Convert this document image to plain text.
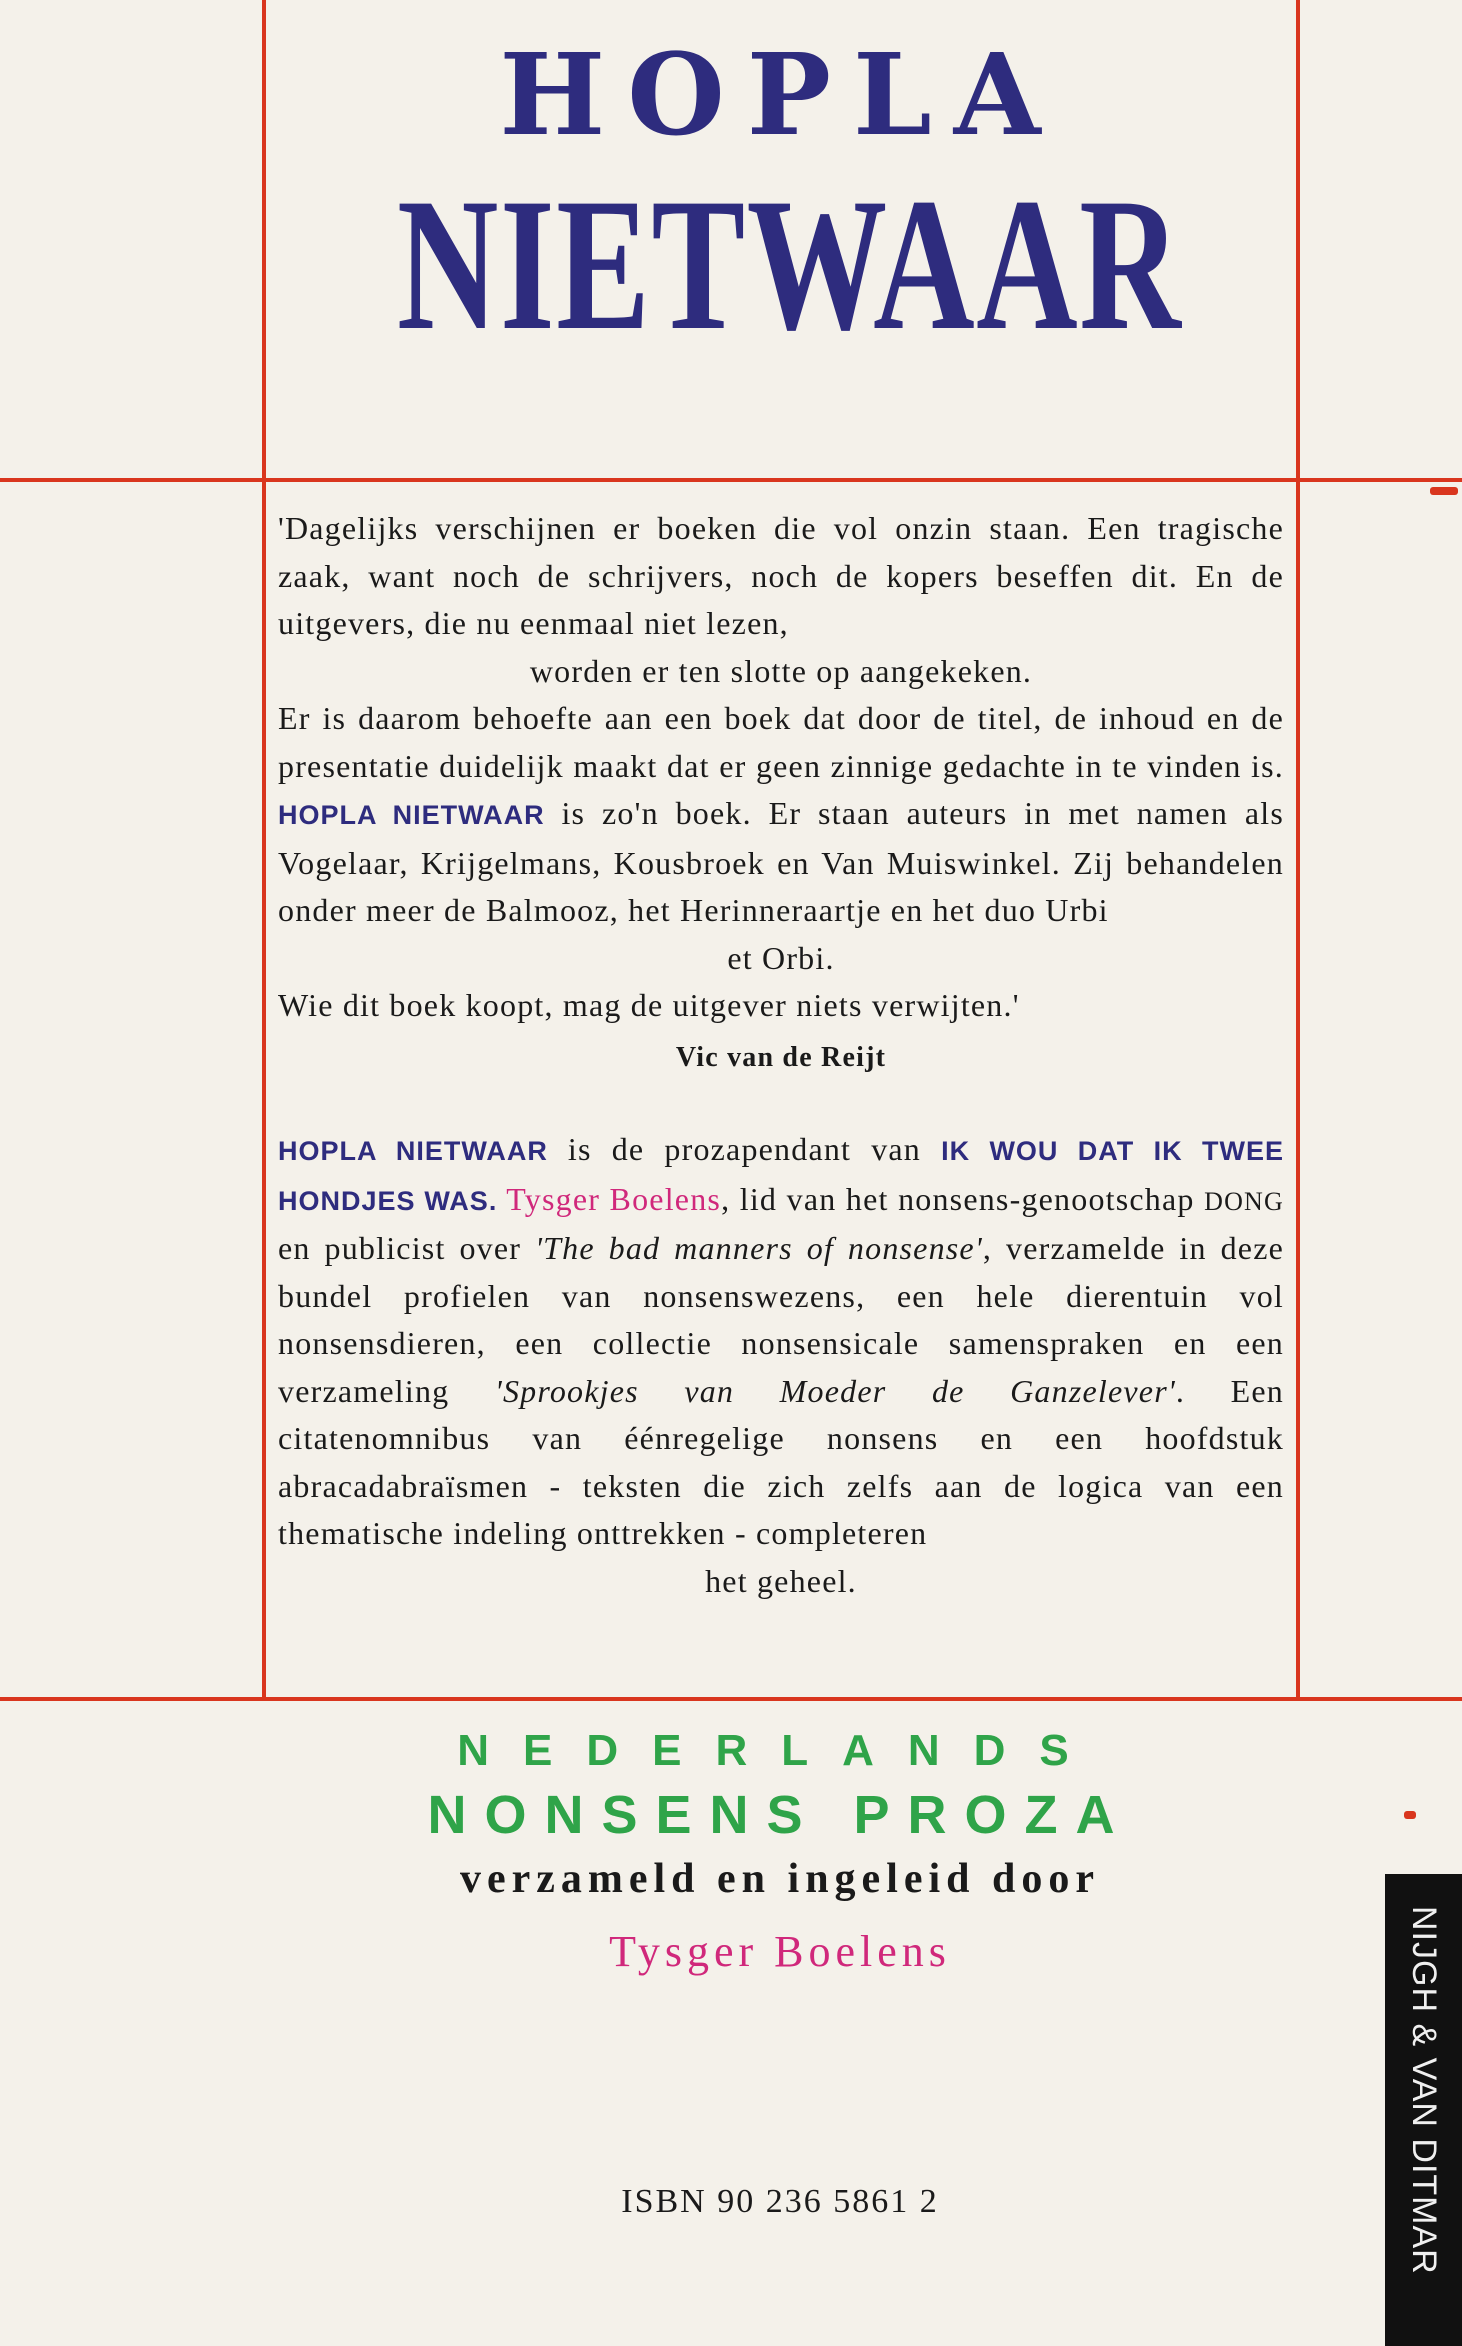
HOPLA
NIETWAAR

'Dagelijks verschijnen er boeken die vol onzin staan. Een tragische zaak, want noch de schrijvers, noch de kopers beseffen dit. En de uitgevers, die nu eenmaal niet lezen,

worden er ten slotte op aangekeken.

Er is daarom behoefte aan een boek dat door de titel, de inhoud en de presentatie duidelijk maakt dat er geen zinnige gedachte in te vinden is. HOPLA NIETWAAR is zo'n boek. Er staan auteurs in met namen als Vogelaar, Krijgelmans, Kousbroek en Van Muiswinkel. Zij behandelen onder meer de Balmooz, het Herinneraartje en het duo Urbi

et Orbi.

Wie dit boek koopt, mag de uitgever niets verwijten.'

Vic van de Reijt

HOPLA NIETWAAR is de prozapendant van IK WOU DAT IK TWEE HONDJES WAS. Tysger Boelens, lid van het nonsens-genootschap DONG en publicist over 'The bad manners of nonsense', verzamelde in deze bundel profielen van nonsenswezens, een hele dierentuin vol nonsensdieren, een collectie nonsensicale samenspraken en een verzameling 'Sprookjes van Moeder de Ganzelever'. Een citatenomnibus van éénregelige nonsens en een hoofdstuk abracadabraïsmen - teksten die zich zelfs aan de logica van een thematische indeling onttrekken - completeren

het geheel.

NEDERLANDS
NONSENS PROZA
verzameld en ingeleid door
Tysger Boelens
ISBN 90 236 5861 2	NIJGH & VAN DITMAR
